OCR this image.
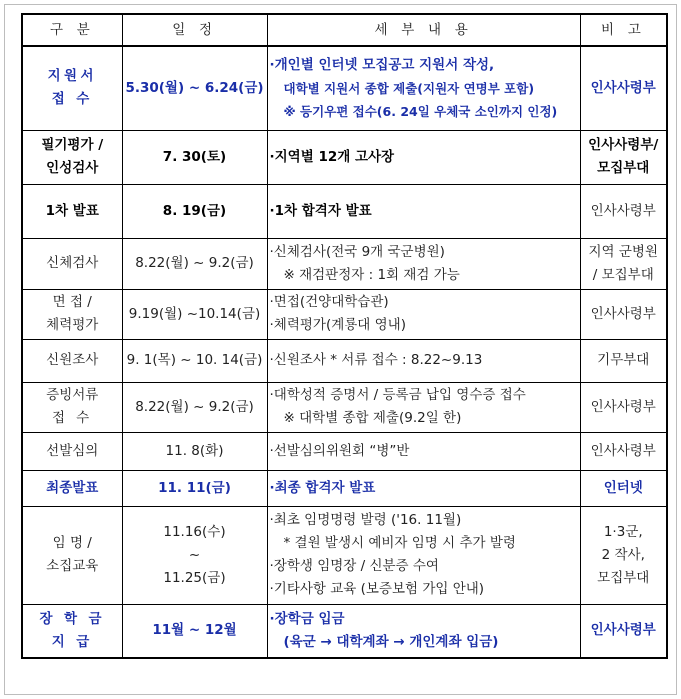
구 분	일 정	세 부 내 용	비 고

지원서
접 수	5.30(월) ~ 6.24(금)	·개인별 인터넷 모집공고 지원서 작성,
대학별 지원서 종합 제출(지원자 연명부 포함)
※ 등기우편 접수(6. 24일 우체국 소인까지 인정)	인사사령부

필기평가 /
인성검사	7. 30(토)	·지역별 12개 고사장	인사사령부/
모집부대

1차 발표	8. 19(금)	·1차 합격자 발표	인사사령부

신체검사	8.22(월) ~ 9.2(금)	·신체검사(전국 9개 국군병원)
※ 재검판정자 : 1회 재검 가능	지역 군병원
/ 모집부대

면 접 /
체력평가	9.19(월) ~10.14(금)	·면접(건양대학습관)
·체력평가(계룡대 영내)	인사사령부

신원조사	9. 1(목) ~ 10. 14(금)	·신원조사 * 서류 접수 : 8.22~9.13	기무부대

증빙서류
접 수	8.22(월) ~ 9.2(금)	·대학성적 증명서 / 등록금 납입 영수증 접수
※ 대학별 종합 제출(9.2일 한)	인사사령부

선발심의	11. 8(화)	·선발심의위원회 “병”반	인사사령부

최종발표	11. 11(금)	·최종 합격자 발표	인터넷

임 명 /
소집교육	11.16(수)
~
11.25(금)	·최초 임명명령 발령 ('16. 11월)
* 결원 발생시 예비자 임명 시 추가 발령
·장학생 임명장 / 신분증 수여
·기타사항 교육 (보증보험 가입 안내)	1·3군,
2 작사,
모집부대

장 학 금
지 급	11월 ~ 12월	·장학금 입금
(육군 → 대학계좌 → 개인계좌 입금)	인사사령부
